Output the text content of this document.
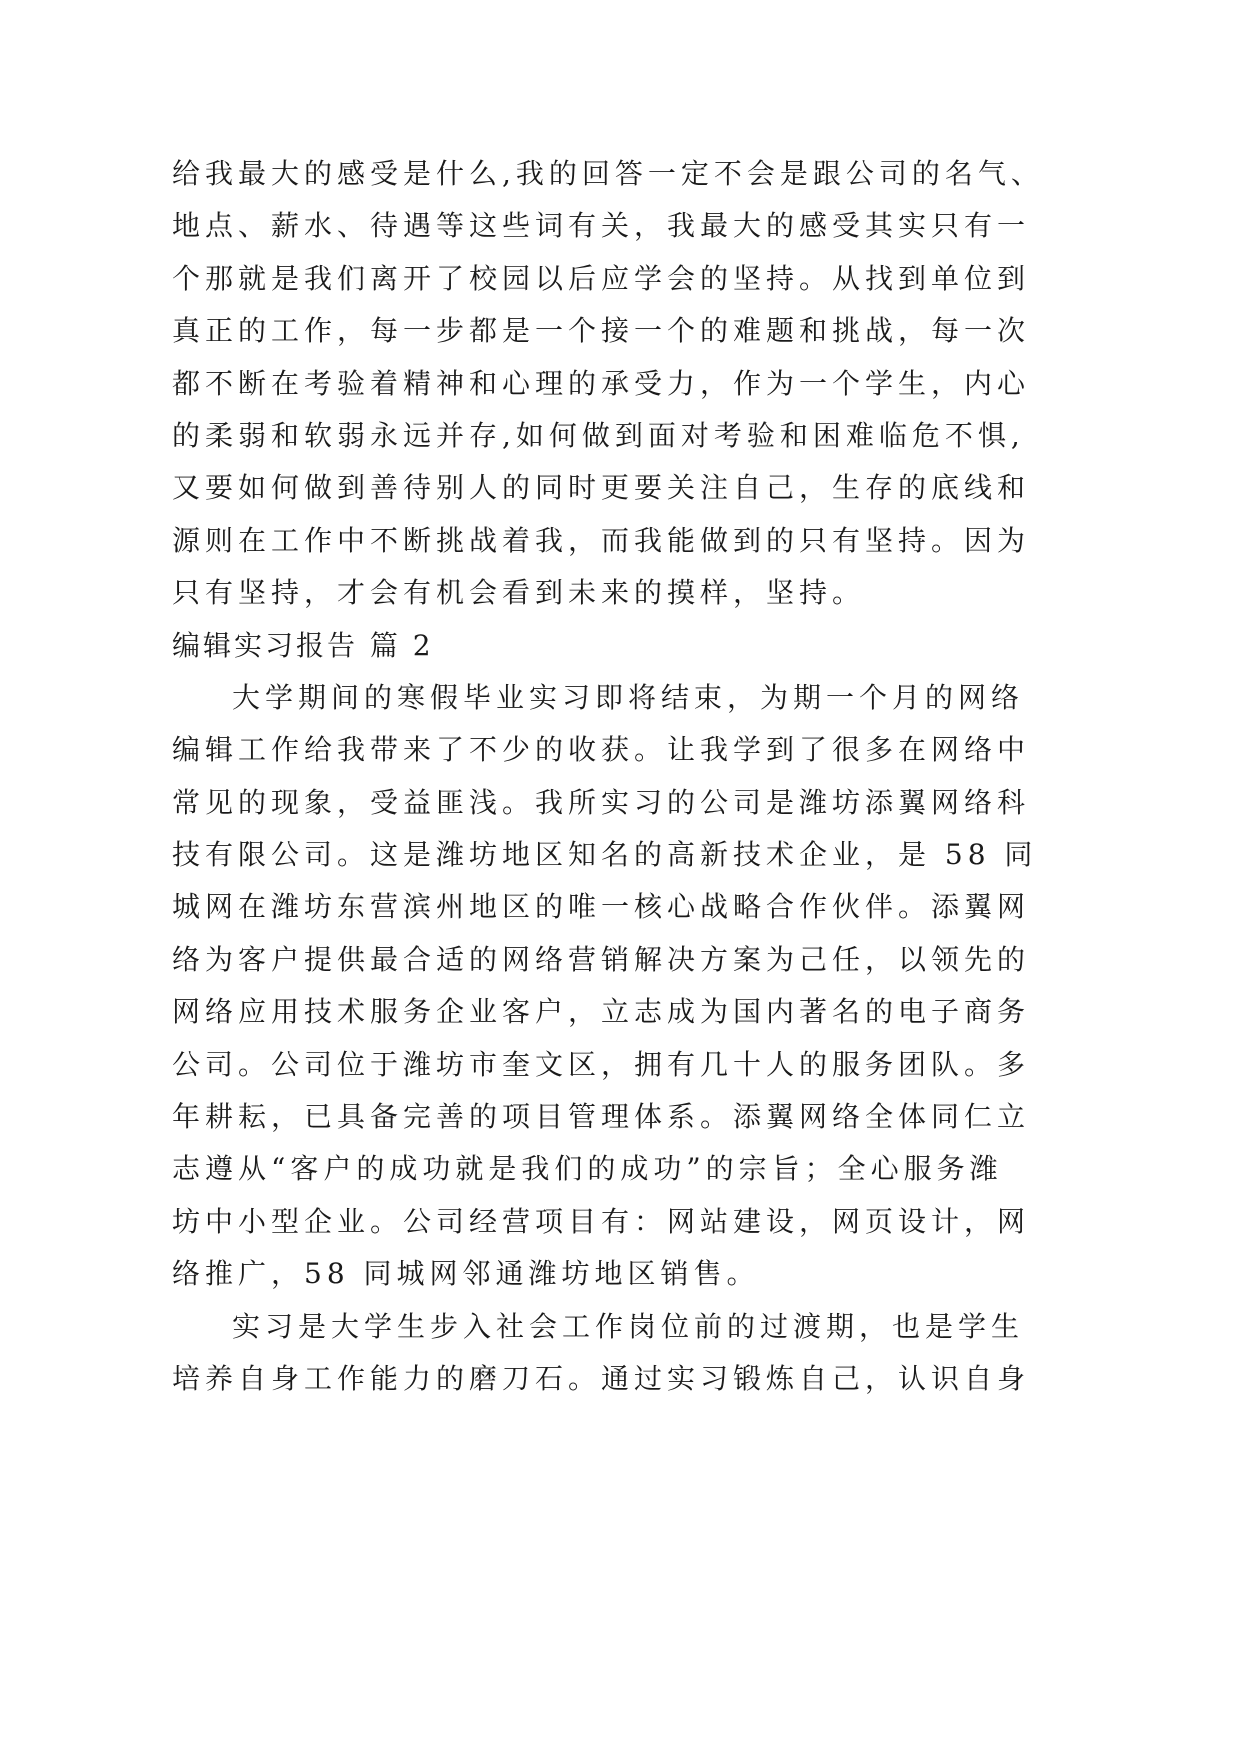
给我最大的感受是什么,我的回答一定不会是跟公司的名气、
地点、薪水、待遇等这些词有关，我最大的感受其实只有一
个那就是我们离开了校园以后应学会的坚持。从找到单位到
真正的工作，每一步都是一个接一个的难题和挑战，每一次
都不断在考验着精神和心理的承受力，作为一个学生，内心
的柔弱和软弱永远并存,如何做到面对考验和困难临危不惧,
又要如何做到善待别人的同时更要关注自己，生存的底线和
源则在工作中不断挑战着我，而我能做到的只有坚持。因为
只有坚持，才会有机会看到未来的摸样，坚持。
编辑实习报告 篇 2
大学期间的寒假毕业实习即将结束，为期一个月的网络
编辑工作给我带来了不少的收获。让我学到了很多在网络中
常见的现象，受益匪浅。我所实习的公司是潍坊添翼网络科
技有限公司。这是潍坊地区知名的高新技术企业，是 58 同
城网在潍坊东营滨州地区的唯一核心战略合作伙伴。添翼网
络为客户提供最合适的网络营销解决方案为己任，以领先的
网络应用技术服务企业客户，立志成为国内著名的电子商务
公司。公司位于潍坊市奎文区，拥有几十人的服务团队。多
年耕耘，已具备完善的项目管理体系。添翼网络全体同仁立
志遵从“客户的成功就是我们的成功”的宗旨；全心服务潍
坊中小型企业。公司经营项目有：网站建设，网页设计，网
络推广，58 同城网邻通潍坊地区销售。
实习是大学生步入社会工作岗位前的过渡期，也是学生
培养自身工作能力的磨刀石。通过实习锻炼自己，认识自身
